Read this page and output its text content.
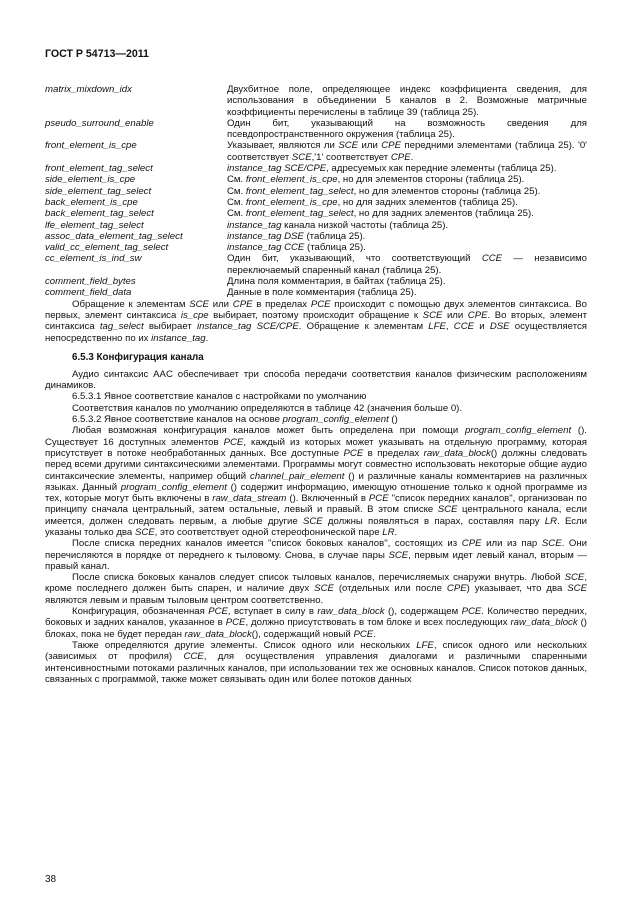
ГОСТ Р 54713—2011
matrix_mixdown_idx	Двухбитное поле, определяющее индекс коэффициента сведения, для использования в объединении 5 каналов в 2. Возможные матричные коэффициенты перечислены в таблице 39 (таблица 25).
pseudo_surround_enable	Один бит, указывающий на возможность сведения для псевдопространственного окружения (таблица 25).
front_element_is_cpe	Указывает, являются ли SCE или CPE передними элементами (таблица 25). '0' соответствует SCE,'1' соответствует CPE.
front_element_tag_select	instance_tag SCE/CPE, адресуемых как передние элементы (таблица 25).
side_element_is_cpe	См. front_element_is_cpe, но для элементов стороны (таблица 25).
side_element_tag_select	См. front_element_tag_select, но для элементов стороны (таблица 25).
back_element_is_cpe	См. front_element_is_cpe, но для задних элементов (таблица 25).
back_element_tag_select	См. front_element_tag_select, но для задних элементов (таблица 25).
lfe_element_tag_select	instance_tag канала низкой частоты (таблица 25).
assoc_data_element_tag_select	instance_tag DSE (таблица 25).
valid_cc_element_tag_select	instance_tag CCE (таблица 25).
cc_element_is_ind_sw	Один бит, указывающий, что соответствующий CCE — независимо переключаемый спаренный канал (таблица 25).
comment_field_bytes	Длина поля комментария, в байтах (таблица 25).
comment_field_data	Данные в поле комментария (таблица 25).

Обращение к элементам SCE или CPE в пределах PCE происходит с помощью двух элементов синтаксиса. Во первых, элемент синтаксиса is_cpe выбирает, поэтому происходит обращение к SCE или CPE. Во вторых, элемент синтаксиса tag_select выбирает instance_tag SCE/CPE. Обращение к элементам LFE, CCE и DSE осуществляется непосредственно по их instance_tag.

6.5.3 Конфигурация канала

Аудио синтаксис AAC обеспечивает три способа передачи соответствия каналов физическим расположениям динамиков.

6.5.3.1 Явное соответствие каналов с настройками по умолчанию

Соответствия каналов по умолчанию определяются в таблице 42 (значения больше 0).

6.5.3.2 Явное соответствие каналов на основе program_config_element ()

Любая возможная конфигурация каналов может быть определена при помощи program_config_element (). Существует 16 доступных элементов PCE, каждый из которых может указывать на отдельную программу, которая присутствует в потоке необработанных данных. Все доступные PCE в пределах raw_data_block() должны следовать перед всеми другими синтаксическими элементами. Программы могут совместно использовать некоторые общие аудио синтаксические элементы, например общий channel_pair_element () и различные каналы комментариев на различных языках. Данный program_config_element () содержит информацию, имеющую отношение только к одной программе из тех, которые могут быть включены в raw_data_stream (). Включенный в PCE "список передних каналов", организован по принципу сначала центральный, затем остальные, левый и правый. В этом списке SCE центрального канала, если имеется, должен следовать первым, а любые другие SCE должны появляться в парах, составляя пару LR. Если указаны только два SCE, это соответствует одной стереофонической паре LR.

После списка передних каналов имеется "список боковых каналов", состоящих из CPE или из пар SCE. Они перечисляются в порядке от переднего к тыловому. Снова, в случае пары SCE, первым идет левый канал, вторым — правый канал.

После списка боковых каналов следует список тыловых каналов, перечисляемых снаружи внутрь. Любой SCE, кроме последнего должен быть спарен, и наличие двух SCE (отдельных или после CPE) указывает, что два SCE являются левым и правым тыловым центром соответственно.

Конфигурация, обозначенная PCE, вступает в силу в raw_data_block (), содержащем PCE. Количество передних, боковых и задних каналов, указанное в PCE, должно присутствовать в том блоке и всех последующих raw_data_block () блоках, пока не будет передан raw_data_block(), содержащий новый PCE.

Также определяются другие элементы. Список одного или нескольких LFE, список одного или нескольких (зависимых от профиля) CCE, для осуществления управления диалогами и различными спаренными интенсивностными потоками различных каналов, при использовании тех же основных каналов. Список потоков данных, связанных с программой, также может связывать один или более потоков данных

38
